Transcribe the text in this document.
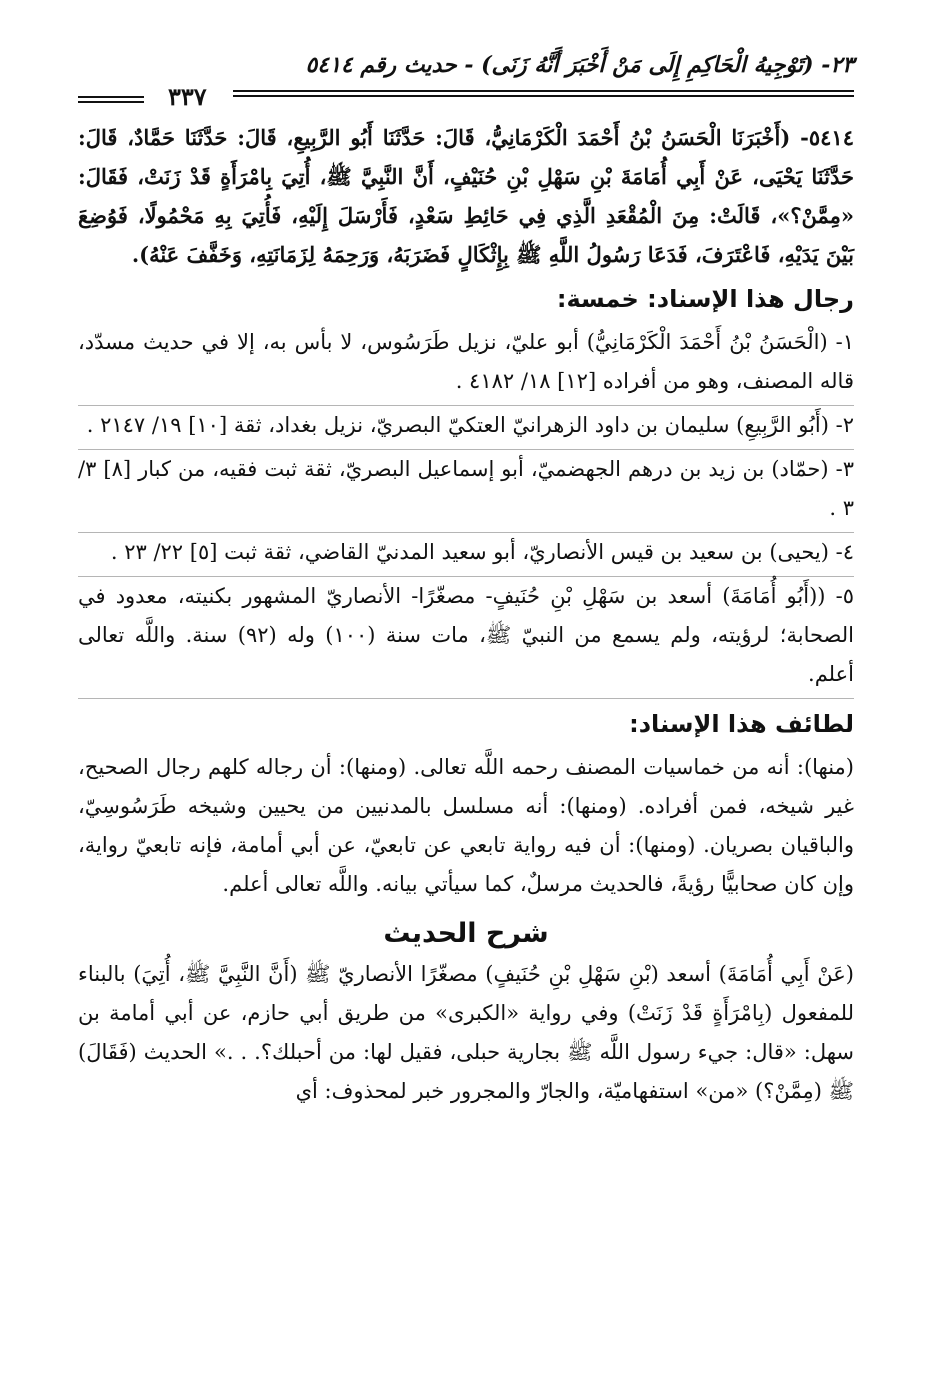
٢٣- (تَوْجِيهُ الْحَاكِمِ إِلَى مَنْ أَخْبَرَ أَنَّهُ زَنَى) - حديث رقم ٥٤١٤
٣٣٧

٥٤١٤- (أَخْبَرَنَا الْحَسَنُ بْنُ أَحْمَدَ الْكَرْمَانِيُّ، قَالَ: حَدَّثَنَا أَبُو الرَّبِيعِ، قَالَ: حَدَّثَنَا حَمَّادٌ، قَالَ: حَدَّثَنَا يَحْيَى، عَنْ أَبِي أُمَامَةَ بْنِ سَهْلِ بْنِ حُنَيْفٍ، أَنَّ النَّبِيَّ ﷺ، أُتِيَ بِامْرَأَةٍ قَدْ زَنَتْ، فَقَالَ: «مِمَّنْ؟»، قَالَتْ: مِنَ الْمُقْعَدِ الَّذِي فِي حَائِطِ سَعْدٍ، فَأَرْسَلَ إِلَيْهِ، فَأُتِيَ بِهِ مَحْمُولًا، فَوُضِعَ بَيْنَ يَدَيْهِ، فَاعْتَرَفَ، فَدَعَا رَسُولُ اللَّهِ ﷺ بِإِثْكَالٍ فَضَرَبَهُ، وَرَحِمَهُ لِزَمَانَتِهِ، وَخَفَّفَ عَنْهُ).

رجال هذا الإسناد: خمسة:

١- (الْحَسَنُ بْنُ أَحْمَدَ الْكَرْمَانِيُّ) أبو عليّ، نزيل طَرَسُوس، لا بأس به، إلا في حديث مسدّد، قاله المصنف، وهو من أفراده [١٢] ١٨/ ٤١٨٢ .

٢- (أَبُو الرَّبِيعِ) سليمان بن داود الزهرانيّ العتكيّ البصريّ، نزيل بغداد، ثقة [١٠] ١٩/ ٢١٤٧ .

٣- (حمّاد) بن زيد بن درهم الجهضميّ، أبو إسماعيل البصريّ، ثقة ثبت فقيه، من كبار [٨] ٣/ ٣ .

٤- (يحيى) بن سعيد بن قيس الأنصاريّ، أبو سعيد المدنيّ القاضي، ثقة ثبت [٥] ٢٢/ ٢٣ .

٥- ((أَبُو أُمَامَةَ) أسعد بن سَهْلِ بْنِ حُنَيفٍ- مصغّرًا- الأنصاريّ المشهور بكنيته، معدود في الصحابة؛ لرؤيته، ولم يسمع من النبيّ ﷺ، مات سنة (١٠٠) وله (٩٢) سنة. واللَّه تعالى أعلم.

لطائف هذا الإسناد:

(منها): أنه من خماسيات المصنف رحمه اللَّه تعالى. (ومنها): أن رجاله كلهم رجال الصحيح، غير شيخه، فمن أفراده. (ومنها): أنه مسلسل بالمدنيين من يحيين وشيخه طَرَسُوسِيّ، والباقيان بصريان. (ومنها): أن فيه رواية تابعي عن تابعيّ، عن أبي أمامة، فإنه تابعيّ رواية، وإن كان صحابيًّا رؤيةً، فالحديث مرسلٌ، كما سيأتي بيانه. واللَّه تعالى أعلم.

شرح الحديث

(عَنْ أَبِي أُمَامَةَ) أسعد (بْنِ سَهْلِ بْنِ حُنَيفٍ) مصغّرًا الأنصاريّ ﷺ (أَنَّ النَّبِيَّ ﷺ، أُتِيَ) بالبناء للمفعول (بِامْرَأَةٍ قَدْ زَنَتْ) وفي رواية «الكبرى» من طريق أبي حازم، عن أبي أمامة بن سهل: «قال: جيء رسول اللَّه ﷺ بجارية حبلى، فقيل لها: من أحبلك؟. . .» الحديث (فَقَالَ) ﷺ (مِمَّنْ؟) «من» استفهاميّة، والجارّ والمجرور خبر لمحذوف: أي
